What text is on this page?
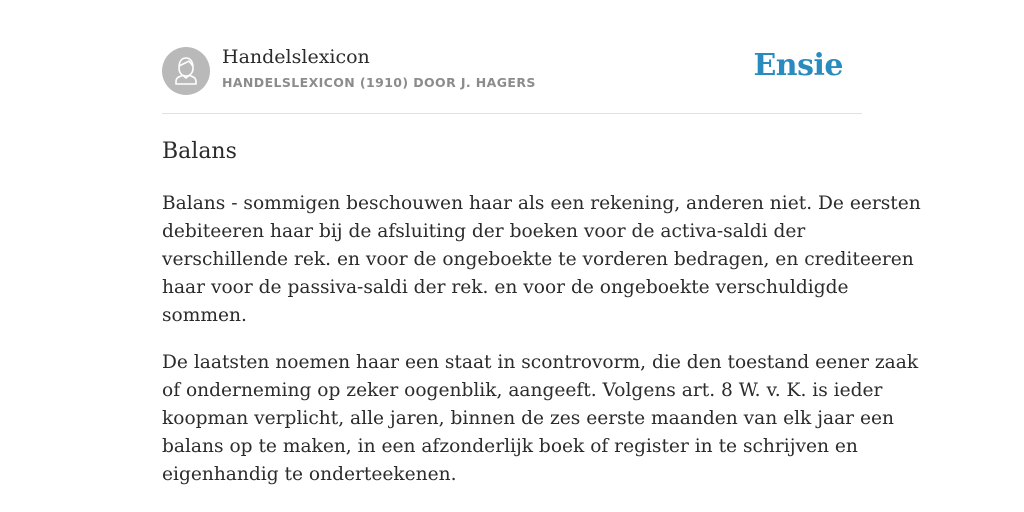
Handelslexicon
HANDELSLEXICON (1910) DOOR J. HAGERS	Ensie
Balans

Balans - sommigen beschouwen haar als een rekening, anderen niet. De eersten
debiteeren haar bij de afsluiting der boeken voor de activa-saldi der
verschillende rek. en voor de ongeboekte te vorderen bedragen, en crediteeren
haar voor de passiva-saldi der rek. en voor de ongeboekte verschuldigde
sommen.

De laatsten noemen haar een staat in scontrovorm, die den toestand eener zaak
of onderneming op zeker oogenblik, aangeeft. Volgens art. 8 W. v. K. is ieder
koopman verplicht, alle jaren, binnen de zes eerste maanden van elk jaar een
balans op te maken, in een afzonderlijk boek of register in te schrijven en
eigenhandig te onderteekenen.
